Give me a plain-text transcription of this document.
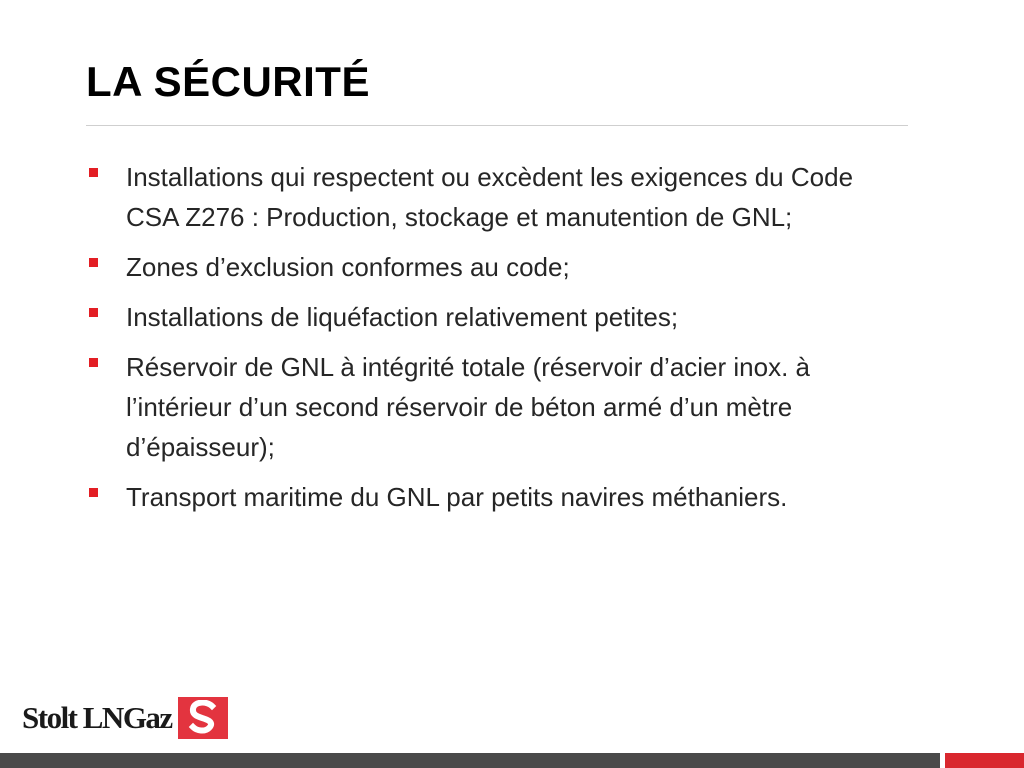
LA SÉCURITÉ
Installations qui respectent ou excèdent les exigences du Code CSA Z276 : Production, stockage et manutention de GNL;
Zones d’exclusion conformes au code;
Installations de liquéfaction relativement petites;
Réservoir de GNL à intégrité totale (réservoir d’acier inox. à l’intérieur d’un second réservoir de béton armé d’un mètre d’épaisseur);
Transport maritime du GNL par petits navires méthaniers.
Stolt LNGaz
